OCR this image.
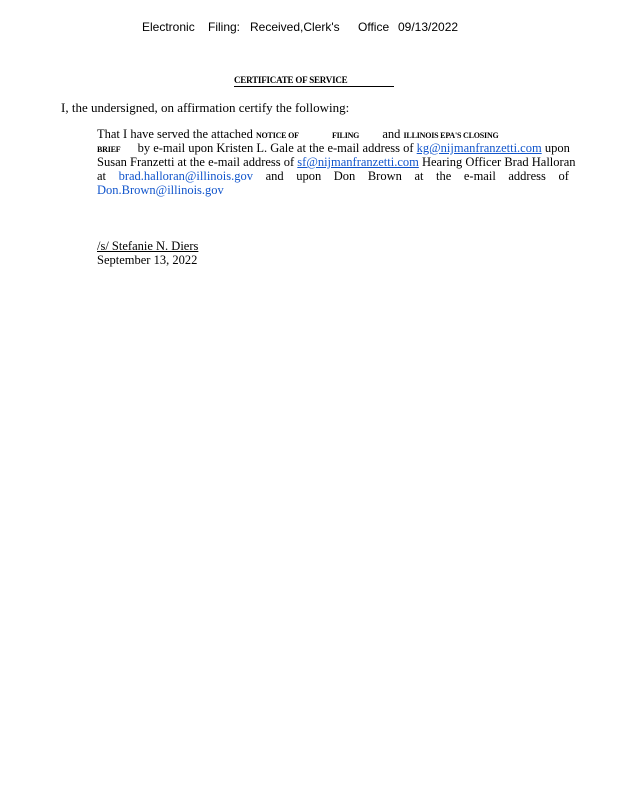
Electronic Filing: Received,Clerk's Office 09/13/2022
CERTIFICATE OF SERVICE
I, the undersigned, on affirmation certify the following:
That I have served the attached NOTICE OF	FILING and ILLINOIS EPA'S CLOSING
BRIEF by e-mail upon Kristen L. Gale at the e-mail address of kg@nijmanfranzetti.com upon
Susan Franzetti at the e-mail address of sf@nijmanfranzetti.com Hearing Officer Brad Halloran
at brad.halloran@illinois.gov and upon Don Brown at the e-mail address of
Don.Brown@illinois.gov
/s/ Stefanie N. Diers
September 13, 2022
